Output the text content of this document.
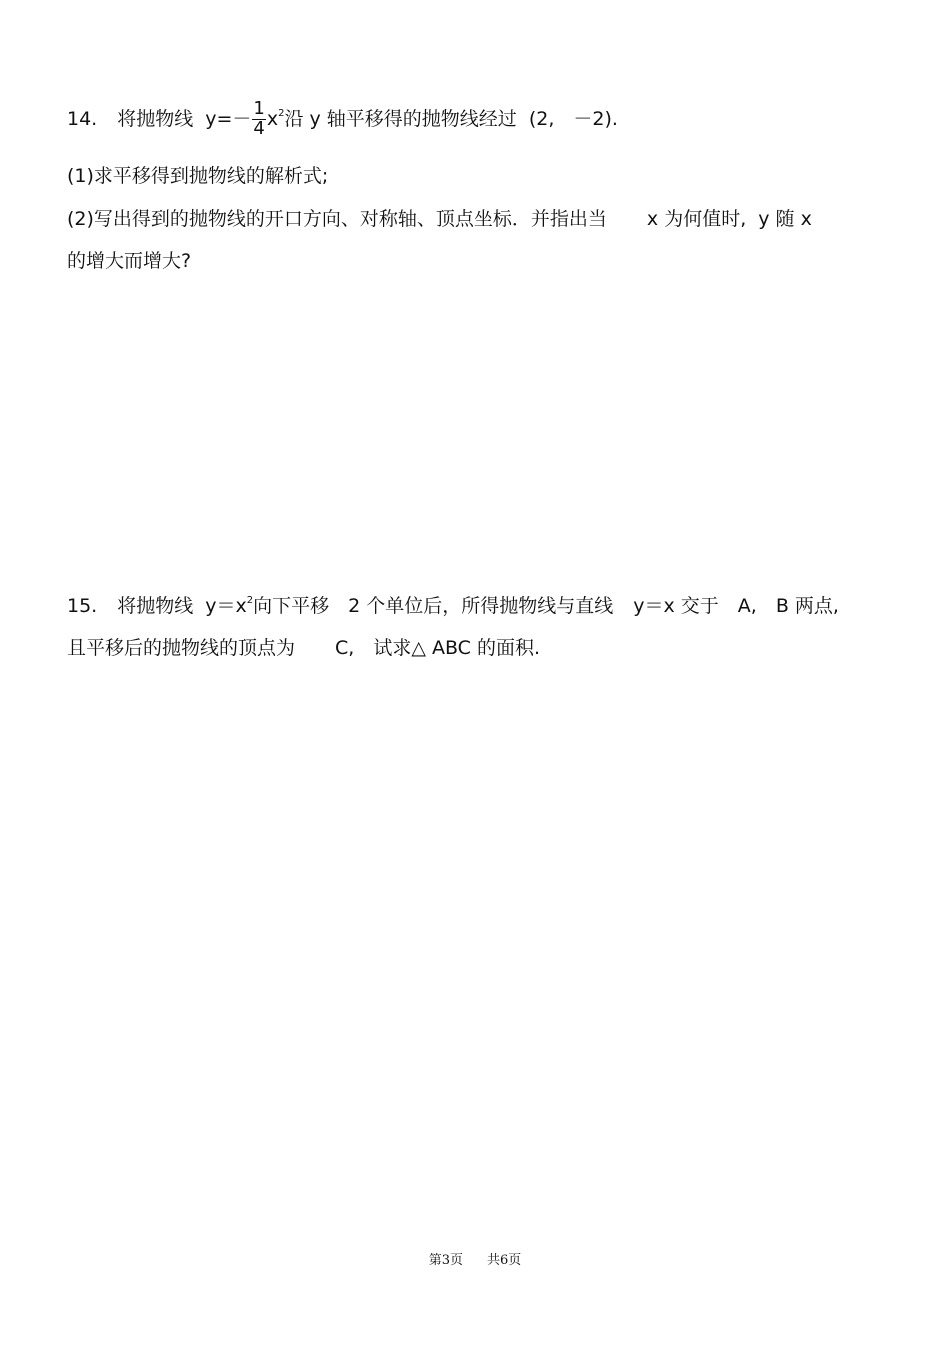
14. 将抛物线 $y=- \frac{1}{4} x^2$沿 y 轴平移得的抛物线经过 (2,　－2).
(1)求平移得到抛物线的解析式;
(2)写出得到的抛物线的开口方向、对称轴、顶点坐标．并指出当 x 为何值时, y 随 x
的增大而增大?
15. 将抛物线 $y=x^2$向下平移　2 个单位后，所得抛物线与直线 y＝x 交于　A,　B 两点,
且平移后的抛物线的顶点为 C,　试求△ ABC 的面积.
第3页 共6页
